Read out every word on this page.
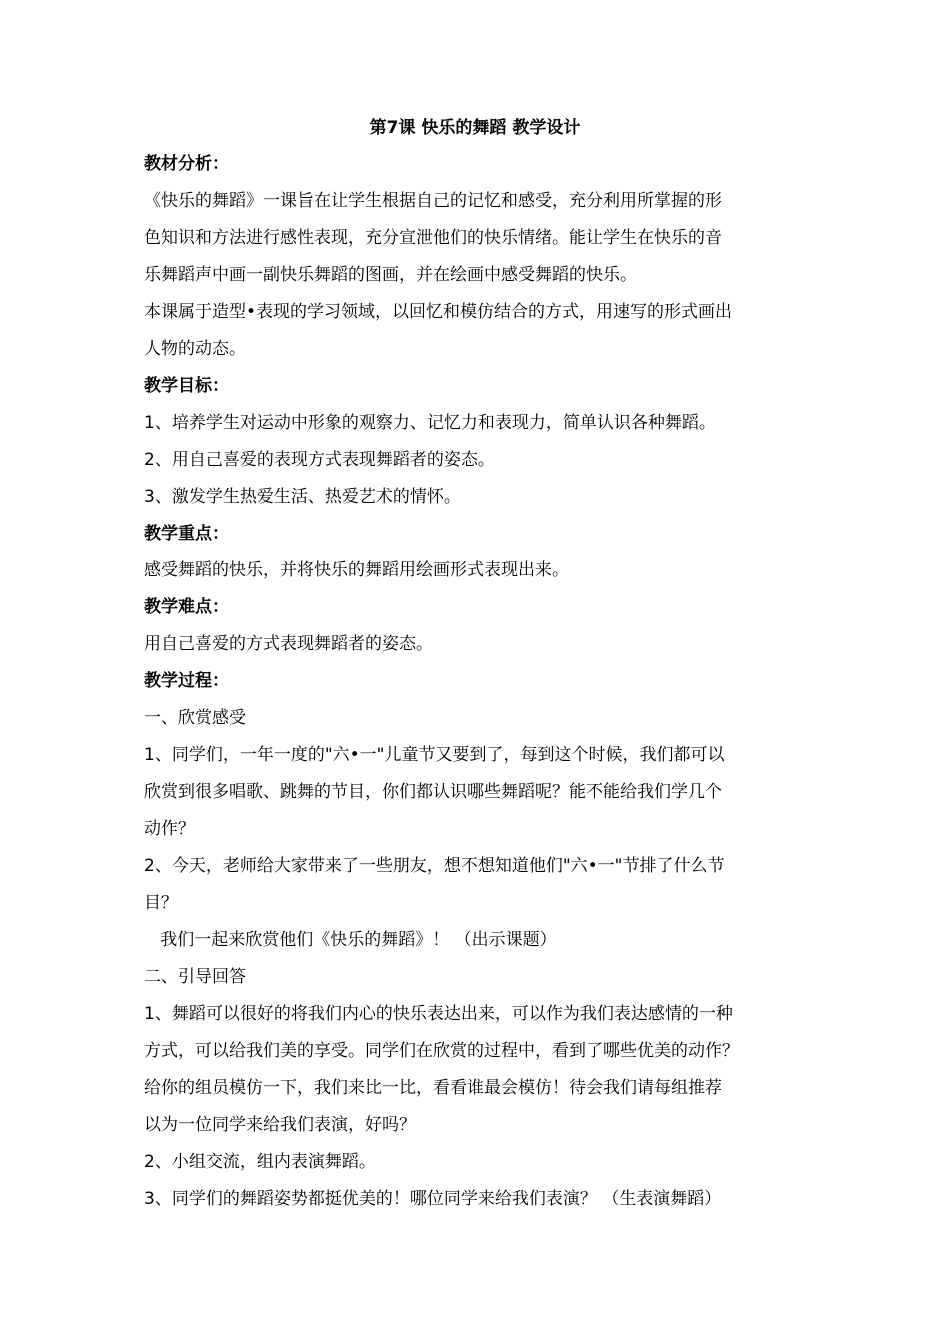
第7课 快乐的舞蹈 教学设计
教材分析：
《快乐的舞蹈》一课旨在让学生根据自己的记忆和感受，充分利用所掌握的形
色知识和方法进行感性表现，充分宣泄他们的快乐情绪。能让学生在快乐的音
乐舞蹈声中画一副快乐舞蹈的图画，并在绘画中感受舞蹈的快乐。
本课属于造型•表现的学习领域，以回忆和模仿结合的方式，用速写的形式画出
人物的动态。
教学目标：
1、培养学生对运动中形象的观察力、记忆力和表现力，简单认识各种舞蹈。
2、用自己喜爱的表现方式表现舞蹈者的姿态。
3、激发学生热爱生活、热爱艺术的情怀。
教学重点：
感受舞蹈的快乐，并将快乐的舞蹈用绘画形式表现出来。
教学难点：
用自己喜爱的方式表现舞蹈者的姿态。
教学过程：
一、欣赏感受
1、同学们，一年一度的"六•一"儿童节又要到了，每到这个时候，我们都可以
欣赏到很多唱歌、跳舞的节目，你们都认识哪些舞蹈呢？能不能给我们学几个
动作？
2、今天，老师给大家带来了一些朋友，想不想知道他们"六•一"节排了什么节
目？
我们一起来欣赏他们《快乐的舞蹈》！ （出示课题）
二、引导回答
1、舞蹈可以很好的将我们内心的快乐表达出来，可以作为我们表达感情的一种
方式，可以给我们美的享受。同学们在欣赏的过程中，看到了哪些优美的动作？
给你的组员模仿一下，我们来比一比，看看谁最会模仿！待会我们请每组推荐
以为一位同学来给我们表演，好吗？
2、小组交流，组内表演舞蹈。
3、同学们的舞蹈姿势都挺优美的！哪位同学来给我们表演？ （生表演舞蹈）
